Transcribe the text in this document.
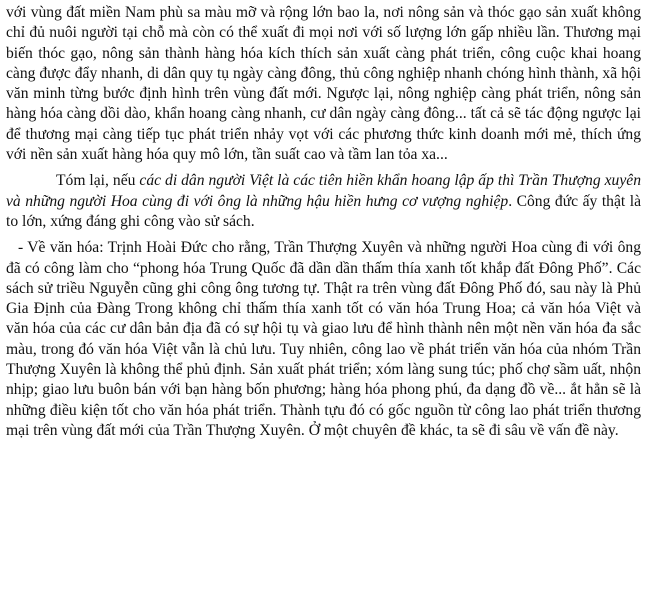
với vùng đất miền Nam phù sa màu mỡ và rộng lớn bao la, nơi nông sản và thóc gạo sản xuất không chỉ đủ nuôi người tại chỗ mà còn có thể xuất đi mọi nơi với số lượng lớn gấp nhiều lần. Thương mại biến thóc gạo, nông sản thành hàng hóa kích thích sản xuất càng phát triển, công cuộc khai hoang càng được đẩy nhanh, di dân quy tụ ngày càng đông, thủ công nghiệp nhanh chóng hình thành, xã hội văn minh từng bước định hình trên vùng đất mới. Ngược lại, nông nghiệp càng phát triển, nông sản hàng hóa càng dồi dào, khẩn hoang càng nhanh, cư dân ngày càng đông... tất cả sẽ tác động ngược lại để thương mại càng tiếp tục phát triển nhảy vọt với các phương thức kinh doanh mới mẻ, thích ứng với nền sản xuất hàng hóa quy mô lớn, tần suất cao và tầm lan tỏa xa...

Tóm lại, nếu các di dân người Việt là các tiên hiền khẩn hoang lập ấp thì Trần Thượng xuyên và những người Hoa cùng đi với ông là những hậu hiền hưng cơ vượng nghiệp. Công đức ấy thật là to lớn, xứng đáng ghi công vào sử sách.

- Về văn hóa: Trịnh Hoài Đức cho rằng, Trần Thượng Xuyên và những người Hoa cùng đi với ông đã có công làm cho “phong hóa Trung Quốc đã dần dần thấm thía xanh tốt khắp đất Đông Phố”. Các sách sử triều Nguyễn cũng ghi công ông tương tự. Thật ra trên vùng đất Đông Phố đó, sau này là Phủ Gia Định của Đàng Trong không chỉ thấm thía xanh tốt có văn hóa Trung Hoa; cả văn hóa Việt và văn hóa của các cư dân bản địa đã có sự hội tụ và giao lưu để hình thành nên một nền văn hóa đa sắc màu, trong đó văn hóa Việt vẫn là chủ lưu. Tuy nhiên, công lao về phát triển văn hóa của nhóm Trần Thượng Xuyên là không thể phủ định. Sản xuất phát triển; xóm làng sung túc; phố chợ sầm uất, nhộn nhịp; giao lưu buôn bán với bạn hàng bốn phương; hàng hóa phong phú, đa dạng đồ về... ắt hẳn sẽ là những điều kiện tốt cho văn hóa phát triển. Thành tựu đó có gốc nguồn từ công lao phát triển thương mại trên vùng đất mới của Trần Thượng Xuyên. Ở một chuyên đề khác, ta sẽ đi sâu về vấn đề này.
